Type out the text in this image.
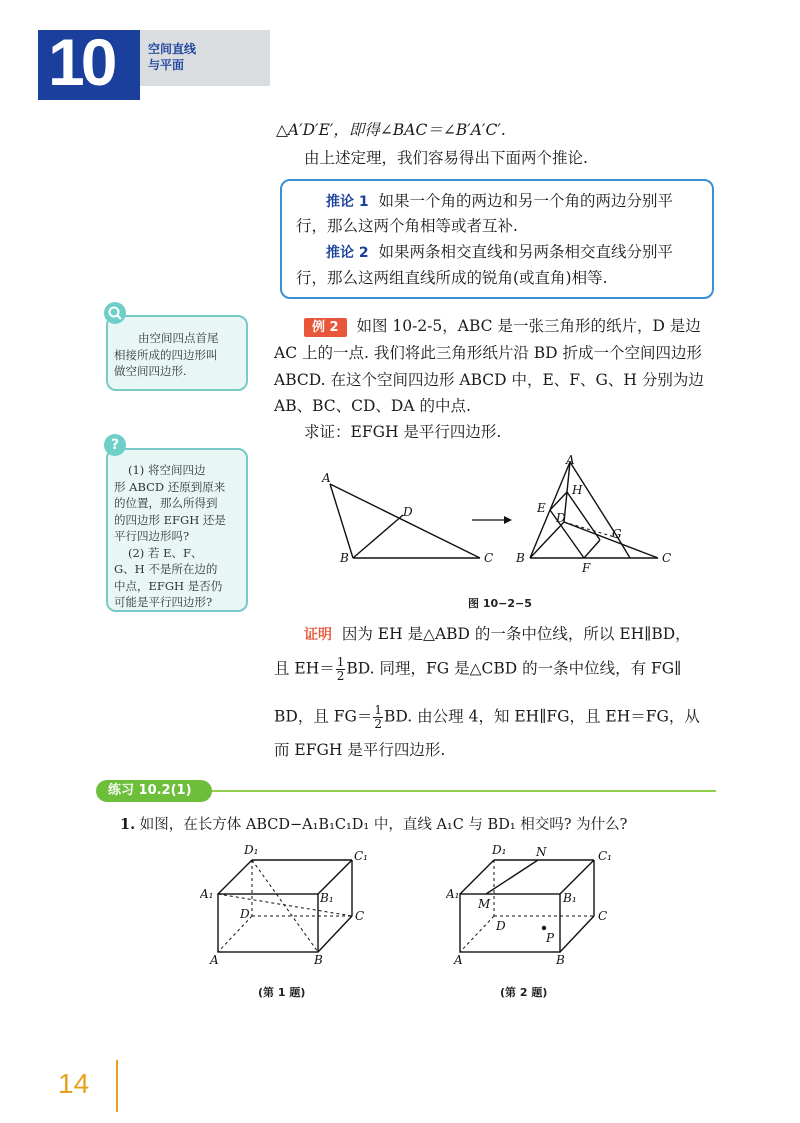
10	空间直线
与平面
△A′D′E′，即得∠BAC＝∠B′A′C′.
由上述定理，我们容易得出下面两个推论.
推论 1 如果一个角的两边和另一个角的两边分别平
行，那么这两个角相等或者互补.
推论 2 如果两条相交直线和另两条相交直线分别平
行，那么这两组直线所成的锐角(或直角)相等.
由空间四点首尾
相接所成的四边形叫
做空间四边形.
?
(1) 将空间四边
形 ABCD 还原到原来
的位置，那么所得到
的四边形 EFGH 还是
平行四边形吗?
(2) 若 E、F、
G、H 不是所在边的
中点，EFGH 是否仍
可能是平行四边形?
例 2 如图 10-2-5，ABC 是一张三角形的纸片，D 是边
AC 上的一点. 我们将此三角形纸片沿 BD 折成一个空间四边形
ABCD. 在这个空间四边形 ABCD 中，E、F、G、H 分别为边
AB、BC、CD、DA 的中点.
求证：EFGH 是平行四边形.
A
B	C
D
A
B	C
D
E
F
G
H
图 10−2−5
证明 因为 EH 是△ABD 的一条中位线，所以 EH∥BD，
且 $EH= \frac{1}{2}$ BD. 同理，FG 是△CBD 的一条中位线，有 FG∥
BD，且 $FG= \frac{1}{2}$ BD. 由公理 4，知 EH∥FG，且 EH＝FG，从
而 EFGH 是平行四边形.
练习 10.2(1)
1. 如图，在长方体 ABCD−A₁B₁C₁D₁ 中，直线 A₁C 与 BD₁ 相交吗? 为什么?
D₁	C₁
A₁	B₁
D	C
A	B
(第 1 题)
D₁ N	C₁
A₁
M	B₁
D
C
P
A	B
(第 2 题)
14
